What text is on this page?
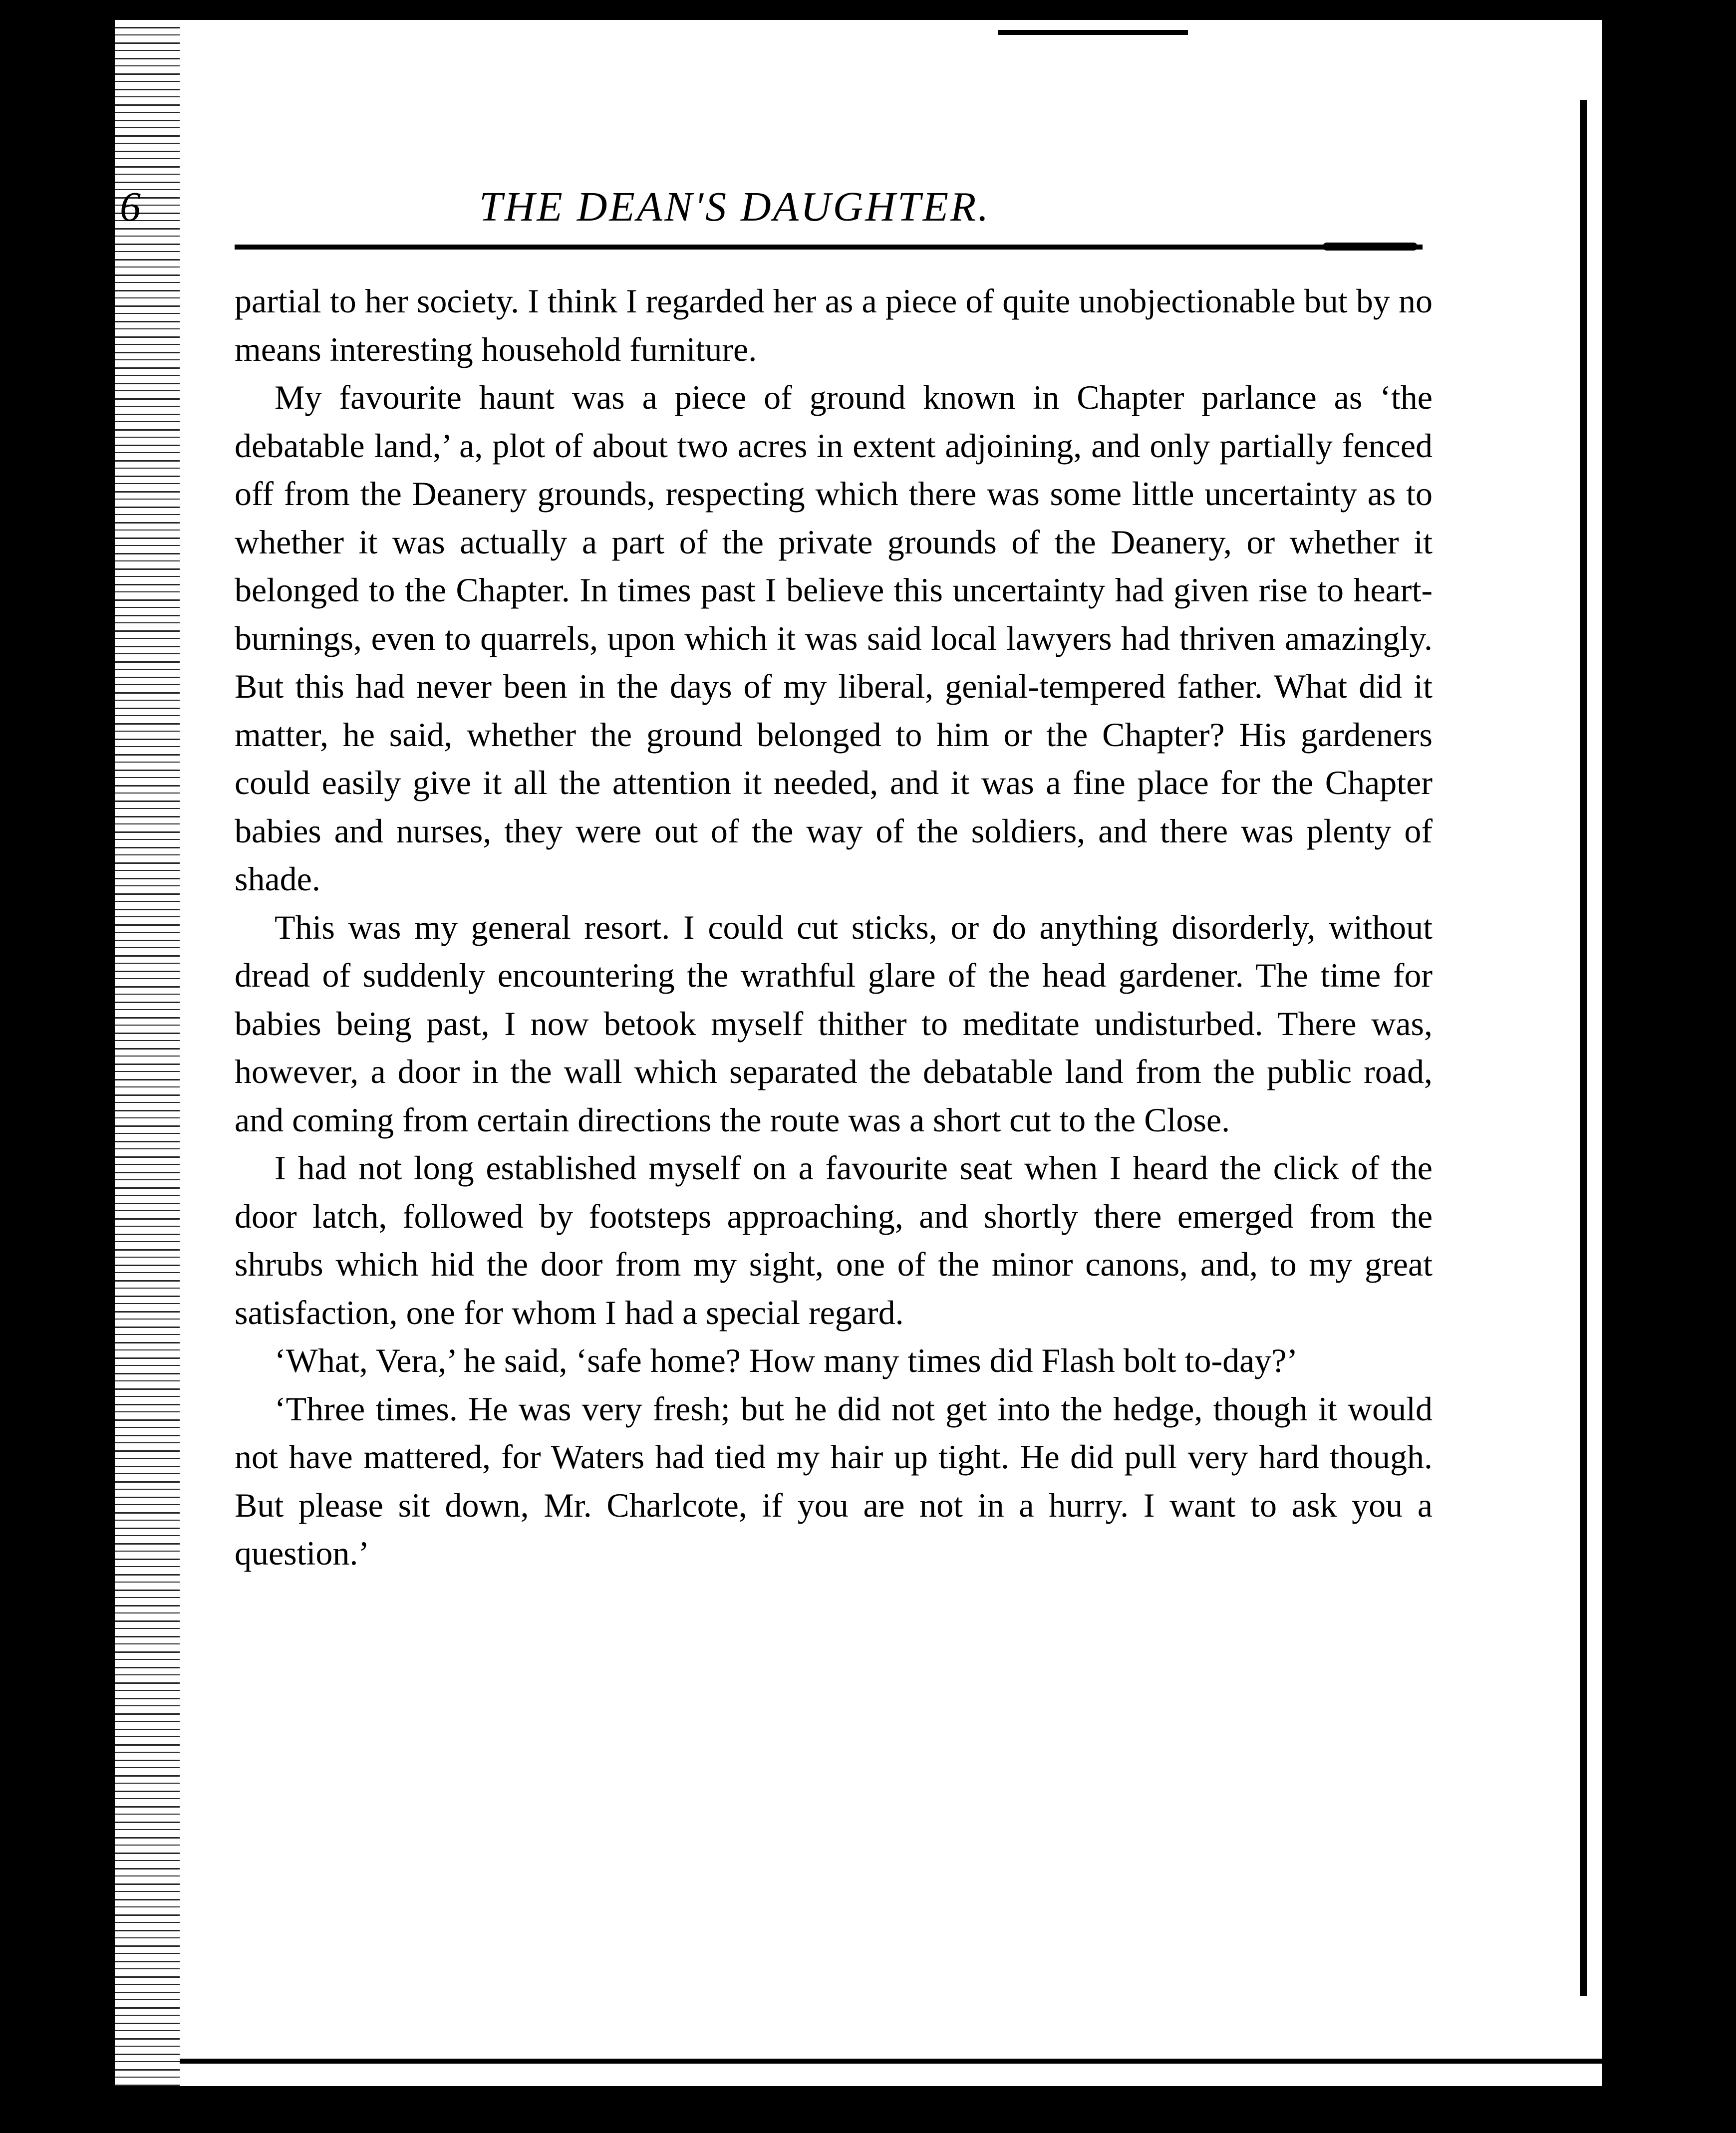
6	THE DEAN'S DAUGHTER.

partial to her society. I think I regarded her as a piece of quite unobjectionable but by no means interesting household furniture.

My favourite haunt was a piece of ground known in Chapter parlance as ‘the debatable land,’ a, plot of about two acres in extent adjoining, and only partially fenced off from the Deanery grounds, respecting which there was some little uncertainty as to whether it was actually a part of the private grounds of the Deanery, or whether it belonged to the Chapter. In times past I believe this uncertainty had given rise to heart-burnings, even to quarrels, upon which it was said local lawyers had thriven amazingly. But this had never been in the days of my liberal, genial-tempered father. What did it matter, he said, whether the ground belonged to him or the Chapter? His gardeners could easily give it all the attention it needed, and it was a fine place for the Chapter babies and nurses, they were out of the way of the soldiers, and there was plenty of shade.

This was my general resort. I could cut sticks, or do anything disorderly, without dread of suddenly encountering the wrathful glare of the head gardener. The time for babies being past, I now betook myself thither to meditate undisturbed. There was, however, a door in the wall which separated the debatable land from the public road, and coming from certain directions the route was a short cut to the Close.

I had not long established myself on a favourite seat when I heard the click of the door latch, followed by footsteps approaching, and shortly there emerged from the shrubs which hid the door from my sight, one of the minor canons, and, to my great satisfaction, one for whom I had a special regard.

‘What, Vera,’ he said, ‘safe home? How many times did Flash bolt to-day?’

‘Three times. He was very fresh; but he did not get into the hedge, though it would not have mattered, for Waters had tied my hair up tight. He did pull very hard though. But please sit down, Mr. Charlcote, if you are not in a hurry. I want to ask you a question.’
